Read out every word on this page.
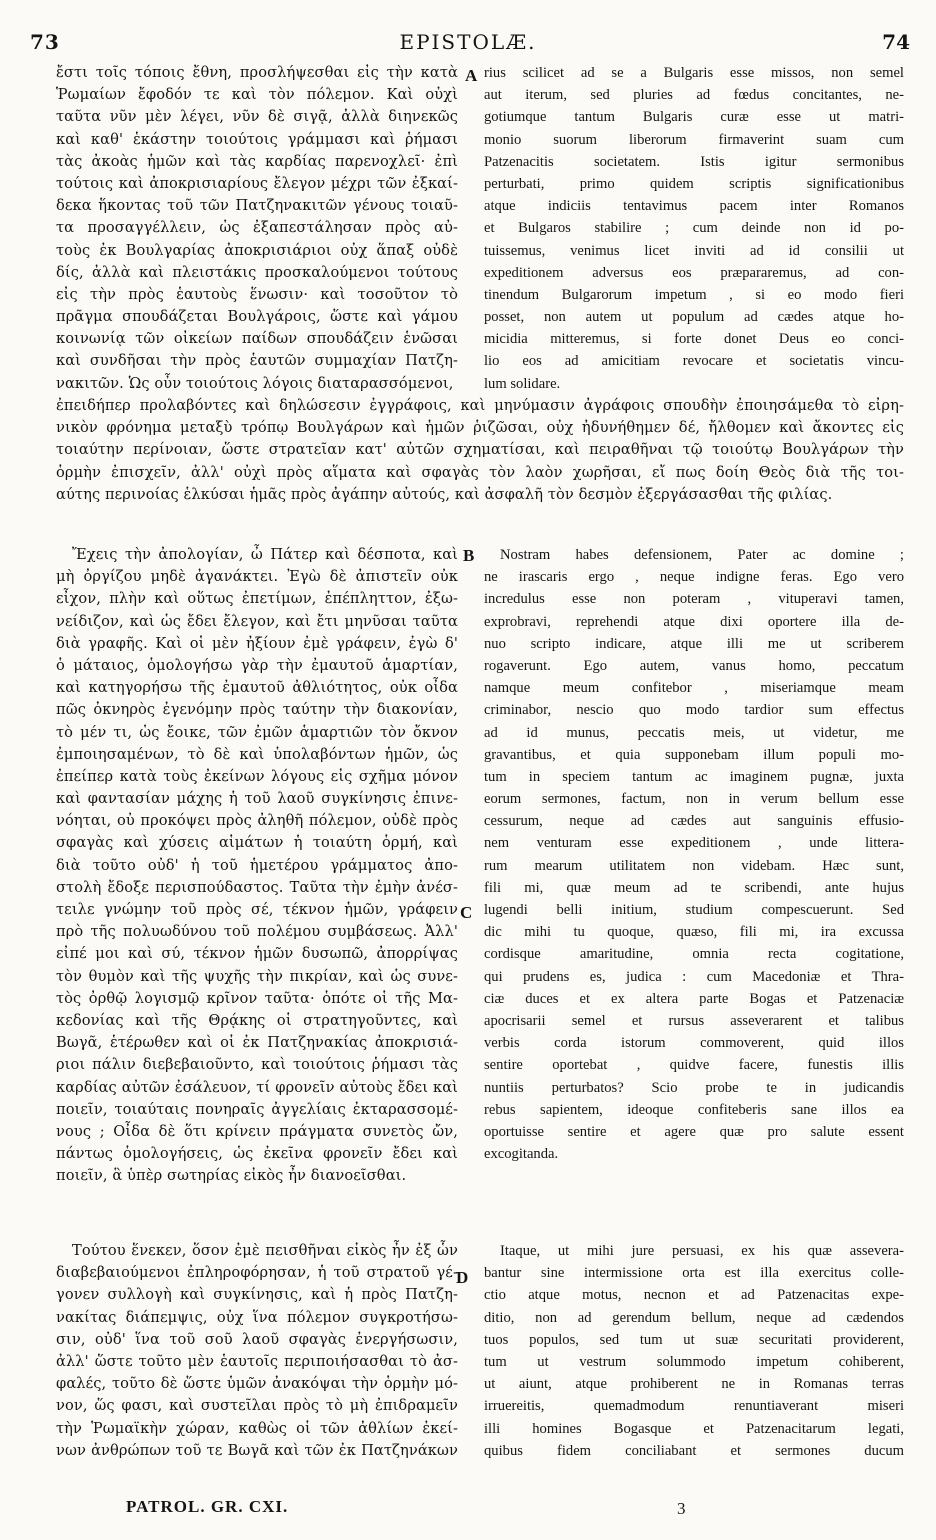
73	EPISTOLÆ.	74
A
B
C
D
ἔστι τοῖς τόποις ἔθνη, προσλήψεσθαι εἰς τὴν κατὰ
Ῥωμαίων ἔφοδόν τε καὶ τὸν πόλεμον. Καὶ οὐχὶ
ταῦτα νῦν μὲν λέγει, νῦν δὲ σιγᾷ, ἀλλὰ διηνεκῶς
καὶ καθ' ἑκάστην τοιούτοις γράμμασι καὶ ῥήμασι
τὰς ἀκοὰς ἡμῶν καὶ τὰς καρδίας παρενοχλεῖ· ἐπὶ
τούτοις καὶ ἀποκρισιαρίους ἔλεγον μέχρι τῶν ἐξκαί-
δεκα ἥκοντας τοῦ τῶν Πατζηνακιτῶν γένους τοιαῦ-
τα προσαγγέλλειν, ὡς ἐξαπεστάλησαν πρὸς αὐ-
τοὺς ἐκ Βουλγαρίας ἀποκρισιάριοι οὐχ ἅπαξ οὐδὲ
δίς, ἀλλὰ καὶ πλειστάκις προσκαλούμενοι τούτους
εἰς τὴν πρὸς ἑαυτοὺς ἕνωσιν· καὶ τοσοῦτον τὸ
πρᾶγμα σπουδάζεται Βουλγάροις, ὥστε καὶ γάμου
κοινωνίᾳ τῶν οἰκείων παίδων σπουδάζειν ἑνῶσαι
καὶ συνδῆσαι τὴν πρὸς ἑαυτῶν συμμαχίαν Πατζη-
νακιτῶν. Ὡς οὖν τοιούτοις λόγοις διαταρασσόμενοι,
rius scilicet ad se a Bulgaris esse missos, non semel
aut iterum, sed pluries ad fœdus concitantes, ne-
gotiumque tantum Bulgaris curæ esse ut matri-
monio suorum liberorum firmaverint suam cum
Patzenacitis societatem. Istis igitur sermonibus
perturbati, primo quidem scriptis significationibus
atque indiciis tentavimus pacem inter Romanos
et Bulgaros stabilire ; cum deinde non id po-
tuissemus, venimus licet inviti ad id consilii ut
expeditionem adversus eos præpararemus, ad con-
tinendum Bulgarorum impetum , si eo modo fieri
posset, non autem ut populum ad cædes atque ho-
micidia mitteremus, si forte donet Deus eo conci-
lio eos ad amicitiam revocare et societatis vincu-
lum solidare.
ἐπειδήπερ προλαβόντες καὶ δηλώσεσιν ἐγγράφοις, καὶ μηνύμασιν ἀγράφοις σπουδὴν ἐποιησάμεθα τὸ εἰρη-
νικὸν φρόνημα μεταξὺ τρόπῳ Βουλγάρων καὶ ἡμῶν ῥιζῶσαι, οὐχ ἠδυνήθημεν δέ, ἤλθομεν καὶ ἄκοντες εἰς
τοιαύτην περίνοιαν, ὥστε στρατεῖαν κατ' αὐτῶν σχηματίσαι, καὶ πειραθῆναι τῷ τοιούτῳ Βουλγάρων τὴν
ὁρμὴν ἐπισχεῖν, ἀλλ' οὐχὶ πρὸς αἵματα καὶ σφαγὰς τὸν λαὸν χωρῆσαι, εἴ πως δοίη Θεὸς διὰ τῆς τοι-
αύτης περινοίας ἑλκύσαι ἡμᾶς πρὸς ἀγάπην αὐτούς, καὶ ἀσφαλῆ τὸν δεσμὸν ἐξεργάσασθαι τῆς φιλίας.
Ἔχεις τὴν ἀπολογίαν, ὦ Πάτερ καὶ δέσποτα, καὶ
μὴ ὀργίζου μηδὲ ἀγανάκτει. Ἐγὼ δὲ ἀπιστεῖν οὐκ
εἶχον, πλὴν καὶ οὕτως ἐπετίμων, ἐπέπληττον, ἐξω-
νείδιζον, καὶ ὡς ἔδει ἔλεγον, καὶ ἔτι μηνῦσαι ταῦτα
διὰ γραφῆς. Καὶ οἱ μὲν ἠξίουν ἐμὲ γράφειν, ἐγὼ δ'
ὁ μάταιος, ὁμολογήσω γὰρ τὴν ἐμαυτοῦ ἁμαρτίαν,
καὶ κατηγορήσω τῆς ἐμαυτοῦ ἀθλιότητος, οὐκ οἶδα
πῶς ὀκνηρὸς ἐγενόμην πρὸς ταύτην τὴν διακονίαν,
τὸ μέν τι, ὡς ἔοικε, τῶν ἐμῶν ἁμαρτιῶν τὸν ὄκνον
ἐμποιησαμένων, τὸ δὲ καὶ ὑπολαβόντων ἡμῶν, ὡς
ἐπείπερ κατὰ τοὺς ἐκείνων λόγους εἰς σχῆμα μόνον
καὶ φαντασίαν μάχης ἡ τοῦ λαοῦ συγκίνησις ἐπινε-
νόηται, οὐ προκόψει πρὸς ἀληθῆ πόλεμον, οὐδὲ πρὸς
σφαγὰς καὶ χύσεις αἱμάτων ἡ τοιαύτη ὁρμή, καὶ
διὰ τοῦτο οὐδ' ἡ τοῦ ἡμετέρου γράμματος ἀπο-
στολὴ ἔδοξε περισπούδαστος. Ταῦτα τὴν ἐμὴν ἀνέσ-
τειλε γνώμην τοῦ πρὸς σέ, τέκνον ἡμῶν, γράφειν
πρὸ τῆς πολυωδύνου τοῦ πολέμου συμβάσεως. Ἀλλ'
εἰπέ μοι καὶ σύ, τέκνον ἡμῶν δυσωπῶ, ἀπορρίψας
τὸν θυμὸν καὶ τῆς ψυχῆς τὴν πικρίαν, καὶ ὡς συνε-
τὸς ὀρθῷ λογισμῷ κρῖνον ταῦτα· ὁπότε οἱ τῆς Μα-
κεδονίας καὶ τῆς Θρᾴκης οἱ στρατηγοῦντες, καὶ
Βωγᾶ, ἑτέρωθεν καὶ οἱ ἐκ Πατζηνακίας ἀποκρισιά-
ριοι πάλιν διεβεβαιοῦντο, καὶ τοιούτοις ῥήμασι τὰς
καρδίας αὐτῶν ἐσάλευον, τί φρονεῖν αὐτοὺς ἔδει καὶ
ποιεῖν, τοιαύταις πονηραῖς ἀγγελίαις ἐκταρασσομέ-
νους ; Οἶδα δὲ ὅτι κρίνειν πράγματα συνετὸς ὤν,
πάντως ὁμολογήσεις, ὡς ἐκεῖνα φρονεῖν ἔδει καὶ
ποιεῖν, ἃ ὑπὲρ σωτηρίας εἰκὸς ἦν διανοεῖσθαι.
Nostram habes defensionem, Pater ac domine ;
ne irascaris ergo , neque indigne feras. Ego vero
incredulus esse non poteram , vituperavi tamen,
exprobravi, reprehendi atque dixi oportere illa de-
nuo scripto indicare, atque illi me ut scriberem
rogaverunt. Ego autem, vanus homo, peccatum
namque meum confitebor , miseriamque meam
criminabor, nescio quo modo tardior sum effectus
ad id munus, peccatis meis, ut videtur, me
gravantibus, et quia supponebam illum populi mo-
tum in speciem tantum ac imaginem pugnæ, juxta
eorum sermones, factum, non in verum bellum esse
cessurum, neque ad cædes aut sanguinis effusio-
nem venturam esse expeditionem , unde littera-
rum mearum utilitatem non videbam. Hæc sunt,
fili mi, quæ meum ad te scribendi, ante hujus
lugendi belli initium, studium compescuerunt. Sed
dic mihi tu quoque, quæso, fili mi, ira excussa
cordisque amaritudine, omnia recta cogitatione,
qui prudens es, judica : cum Macedoniæ et Thra-
ciæ duces et ex altera parte Bogas et Patzenaciæ
apocrisarii semel et rursus asseverarent et talibus
verbis corda istorum commoverent, quid illos
sentire oportebat , quidve facere, funestis illis
nuntiis perturbatos? Scio probe te in judicandis
rebus sapientem, ideoque confiteberis sane illos ea
oportuisse sentire et agere quæ pro salute essent
excogitanda.
Τούτου ἕνεκεν, ὅσον ἐμὲ πεισθῆναι εἰκὸς ἦν ἐξ ὧν
διαβεβαιούμενοι ἐπληροφόρησαν, ἡ τοῦ στρατοῦ γέ-
γονεν συλλογὴ καὶ συγκίνησις, καὶ ἡ πρὸς Πατζη-
νακίτας διάπεμψις, οὐχ ἵνα πόλεμον συγκροτήσω-
σιν, οὐδ' ἵνα τοῦ σοῦ λαοῦ σφαγὰς ἐνεργήσωσιν,
ἀλλ' ὥστε τοῦτο μὲν ἑαυτοῖς περιποιήσασθαι τὸ ἀσ-
φαλές, τοῦτο δὲ ὥστε ὑμῶν ἀνακόψαι τὴν ὁρμὴν μό-
νον, ὥς φασι, καὶ συστεῖλαι πρὸς τὸ μὴ ἐπιδραμεῖν
τὴν Ῥωμαϊκὴν χώραν, καθὼς οἱ τῶν ἀθλίων ἐκεί-
νων ἀνθρώπων τοῦ τε Βωγᾶ καὶ τῶν ἐκ Πατζηνάκων
Itaque, ut mihi jure persuasi, ex his quæ assevera-
bantur sine intermissione orta est illa exercitus colle-
ctio atque motus, necnon et ad Patzenacitas expe-
ditio, non ad gerendum bellum, neque ad cædendos
tuos populos, sed tum ut suæ securitati providerent,
tum ut vestrum solummodo impetum cohiberent,
ut aiunt, atque prohiberent ne in Romanas terras
irruereitis, quemadmodum renuntiaverant miseri
illi homines Bogasque et Patzenacitarum legati,
quibus fidem conciliabant et sermones ducum
PATROL. GR. CXI.	3
